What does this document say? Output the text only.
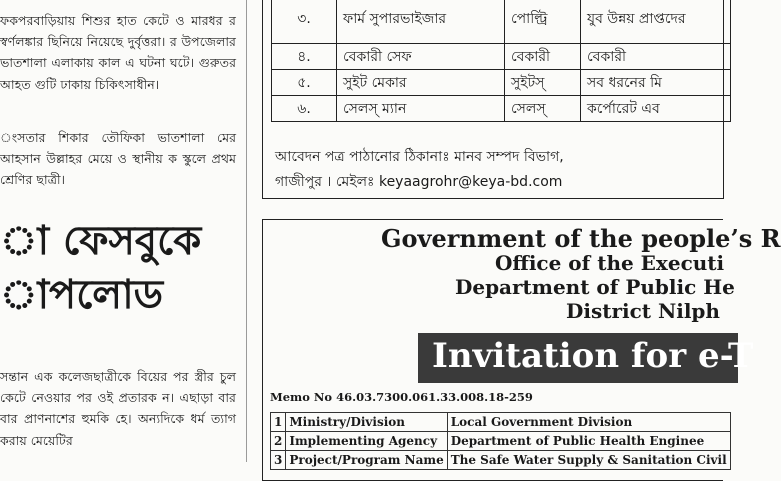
ফকপরবাড়িয়ায় শিশুর হাত কেটে ও মারধর র স্বর্ণলঙ্কার ছিনিয়ে নিয়েছে দুর্বৃত্তরা। র উপজেলার ভাতশালা এলাকায় কাল এ ঘটনা ঘটে। গুরুতর আহত গুটি ঢাকায় চিকিৎসাধীন।
ংসতার শিকার তৌফিকা ভাতশালা মের আহসান উল্লাহর মেয়ে ও স্থানীয় ক স্কুলে প্রথম শ্রেণির ছাত্রী।
া ফেসবুকে
াপলোড
সন্তান এক কলেজছাত্রীকে বিয়ের পর স্ত্রীর চুল কেটে নেওয়ার পর ওই প্রতারক ন। এছাড়া বার বার প্রাণনাশের হুমকি হে। অন্যদিকে ধর্ম ত্যাগ করায় মেয়েটির
৩.	ফার্ম সুপারভাইজার	পোল্ট্রি	যুব উন্নয় প্রাপ্তদের
৪.	বেকারী সেফ	বেকারী	বেকারী
৫.	সুইট মেকার	সুইটস্	সব ধরনের মি
৬.	সেলস্ ম্যান	সেলস্	কর্পোরেট এব
আবেদন পত্র পাঠানোর ঠিকানাঃ মানব সম্পদ বিভাগ,
গাজীপুর । মেইলঃ keyaagrohr@keya-bd.com
Government of the people’s R
Office of the Executi
Department of Public He
District Nilph
Invitation for e-T
Memo No 46.03.7300.061.33.008.18-259
1	Ministry/Division	Local Government Division
2	Implementing Agency	Department of Public Health Enginee
3	Project/Program Name	The Safe Water Supply & Sanitation Civil
